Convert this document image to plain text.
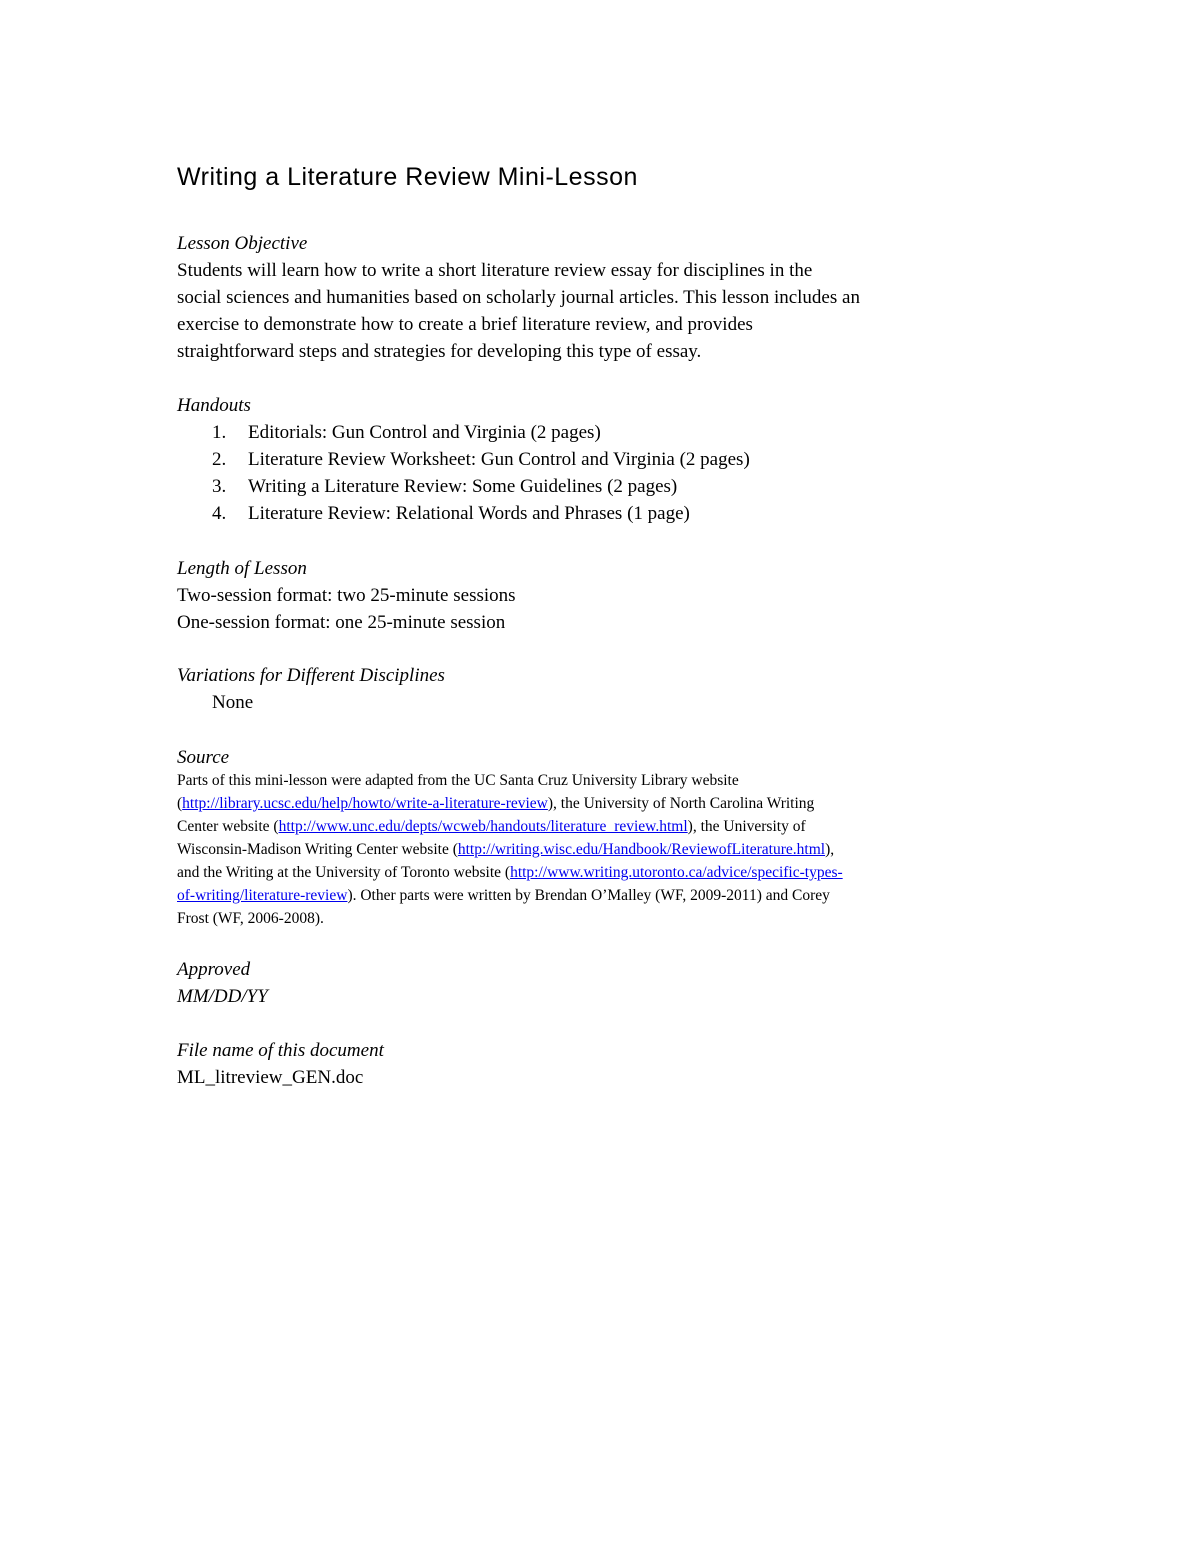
Writing a Literature Review Mini-Lesson
Lesson Objective
Students will learn how to write a short literature review essay for disciplines in the
social sciences and humanities based on scholarly journal articles. This lesson includes an
exercise to demonstrate how to create a brief literature review, and provides
straightforward steps and strategies for developing this type of essay.
Handouts
1. Editorials: Gun Control and Virginia (2 pages)
2. Literature Review Worksheet: Gun Control and Virginia (2 pages)
3. Writing a Literature Review: Some Guidelines (2 pages)
4. Literature Review: Relational Words and Phrases (1 page)
Length of Lesson
Two-session format: two 25-minute sessions
One-session format: one 25-minute session
Variations for Different Disciplines
None
Source
Parts of this mini-lesson were adapted from the UC Santa Cruz University Library website
(http://library.ucsc.edu/help/howto/write-a-literature-review), the University of North Carolina Writing
Center website (http://www.unc.edu/depts/wcweb/handouts/literature_review.html), the University of
Wisconsin-Madison Writing Center website (http://writing.wisc.edu/Handbook/ReviewofLiterature.html),
and the Writing at the University of Toronto website (http://www.writing.utoronto.ca/advice/specific-types-
of-writing/literature-review). Other parts were written by Brendan O’Malley (WF, 2009-2011) and Corey
Frost (WF, 2006-2008).
Approved
MM/DD/YY
File name of this document
ML_litreview_GEN.doc
